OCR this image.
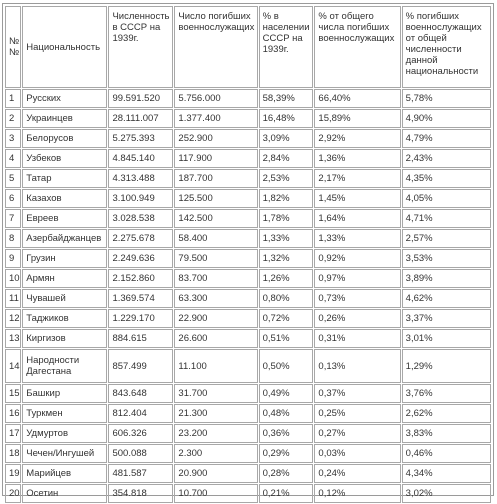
№ №	Национальность	Численность в СССР на 1939г.	Число погибших военнослужащих	% в населении СССР на 1939г.	% от общего числа погибших военнослужащих	% погибших военнослужащих от общей численности данной национальности
1	Русских	99.591.520	5.756.000	58,39%	66,40%	5,78%
2	Украинцев	28.111.007	1.377.400	16,48%	15,89%	4,90%
3	Белорусов	5.275.393	252.900	3,09%	2,92%	4,79%
4	Узбеков	4.845.140	117.900	2,84%	1,36%	2,43%
5	Татар	4.313.488	187.700	2,53%	2,17%	4,35%
6	Казахов	3.100.949	125.500	1,82%	1,45%	4,05%
7	Евреев	3.028.538	142.500	1,78%	1,64%	4,71%
8	Азербайджанцев	2.275.678	58.400	1,33%	1,33%	2,57%
9	Грузин	2.249.636	79.500	1,32%	0,92%	3,53%
10	Армян	2.152.860	83.700	1,26%	0,97%	3,89%
11	Чувашей	1.369.574	63.300	0,80%	0,73%	4,62%
12	Таджиков	1.229.170	22.900	0,72%	0,26%	3,37%
13	Киргизов	884.615	26.600	0,51%	0,31%	3,01%
14	Народности Дагестана	857.499	11.100	0,50%	0,13%	1,29%
15	Башкир	843.648	31.700	0,49%	0,37%	3,76%
16	Туркмен	812.404	21.300	0,48%	0,25%	2,62%
17	Удмуртов	606.326	23.200	0,36%	0,27%	3,83%
18	Чечен/Ингушей	500.088	2.300	0,29%	0,03%	0,46%
19	Марийцев	481.587	20.900	0,28%	0,24%	4,34%
20	Осетин	354.818	10.700	0,21%	0,12%	3,02%
